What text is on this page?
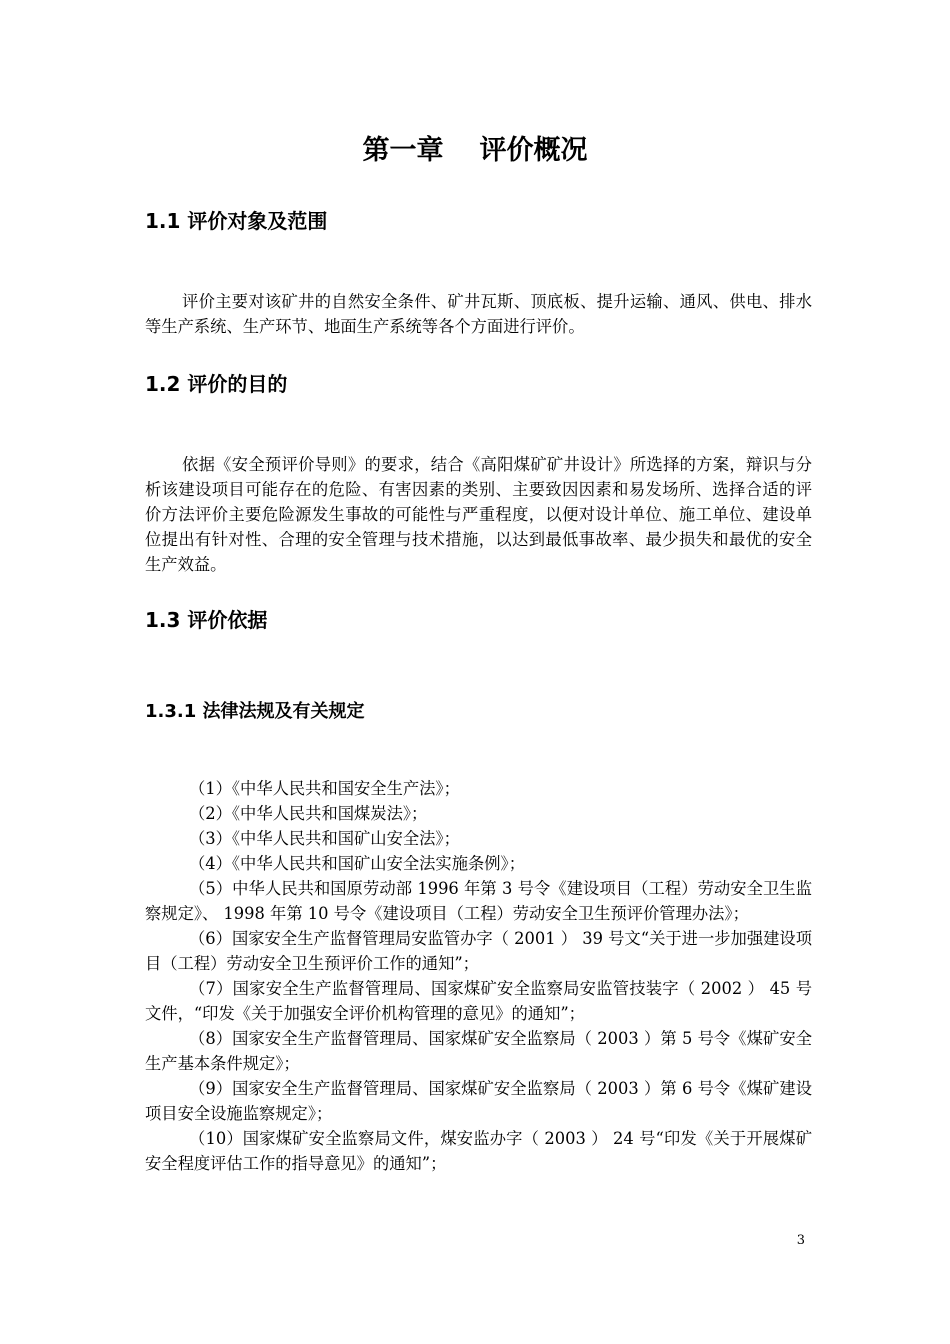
第一章 评价概况
1.1 评价对象及范围

评价主要对该矿井的自然安全条件、矿井瓦斯、顶底板、提升运输、通风、供电、排水等生产系统、生产环节、地面生产系统等各个方面进行评价。

1.2 评价的目的

依据《安全预评价导则》的要求，结合《高阳煤矿矿井设计》所选择的方案，辩识与分析该建设项目可能存在的危险、有害因素的类别、主要致因因素和易发场所、选择合适的评价方法评价主要危险源发生事故的可能性与严重程度，以便对设计单位、施工单位、建设单位提出有针对性、合理的安全管理与技术措施，以达到最低事故率、最少损失和最优的安全生产效益。

1.3 评价依据
1.3.1 法律法规及有关规定
（1）《中华人民共和国安全生产法》；
（2）《中华人民共和国煤炭法》；
（3）《中华人民共和国矿山安全法》；
（4）《中华人民共和国矿山安全法实施条例》；
（5）中华人民共和国原劳动部 1996 年第 3 号令《建设项目（工程）劳动安全卫生监察规定》、 1998 年第 10 号令《建设项目（工程）劳动安全卫生预评价管理办法》；
（6）国家安全生产监督管理局安监管办字（ 2001 ） 39 号文“关于进一步加强建设项目（工程）劳动安全卫生预评价工作的通知”；
（7）国家安全生产监督管理局、国家煤矿安全监察局安监管技装字（ 2002 ） 45 号文件，“印发《关于加强安全评价机构管理的意见》的通知”；
（8）国家安全生产监督管理局、国家煤矿安全监察局（ 2003 ）第 5 号令《煤矿安全生产基本条件规定》；
（9）国家安全生产监督管理局、国家煤矿安全监察局（ 2003 ）第 6 号令《煤矿建设项目安全设施监察规定》；
（10）国家煤矿安全监察局文件，煤安监办字（ 2003 ） 24 号“印发《关于开展煤矿安全程度评估工作的指导意见》的通知”；
3
